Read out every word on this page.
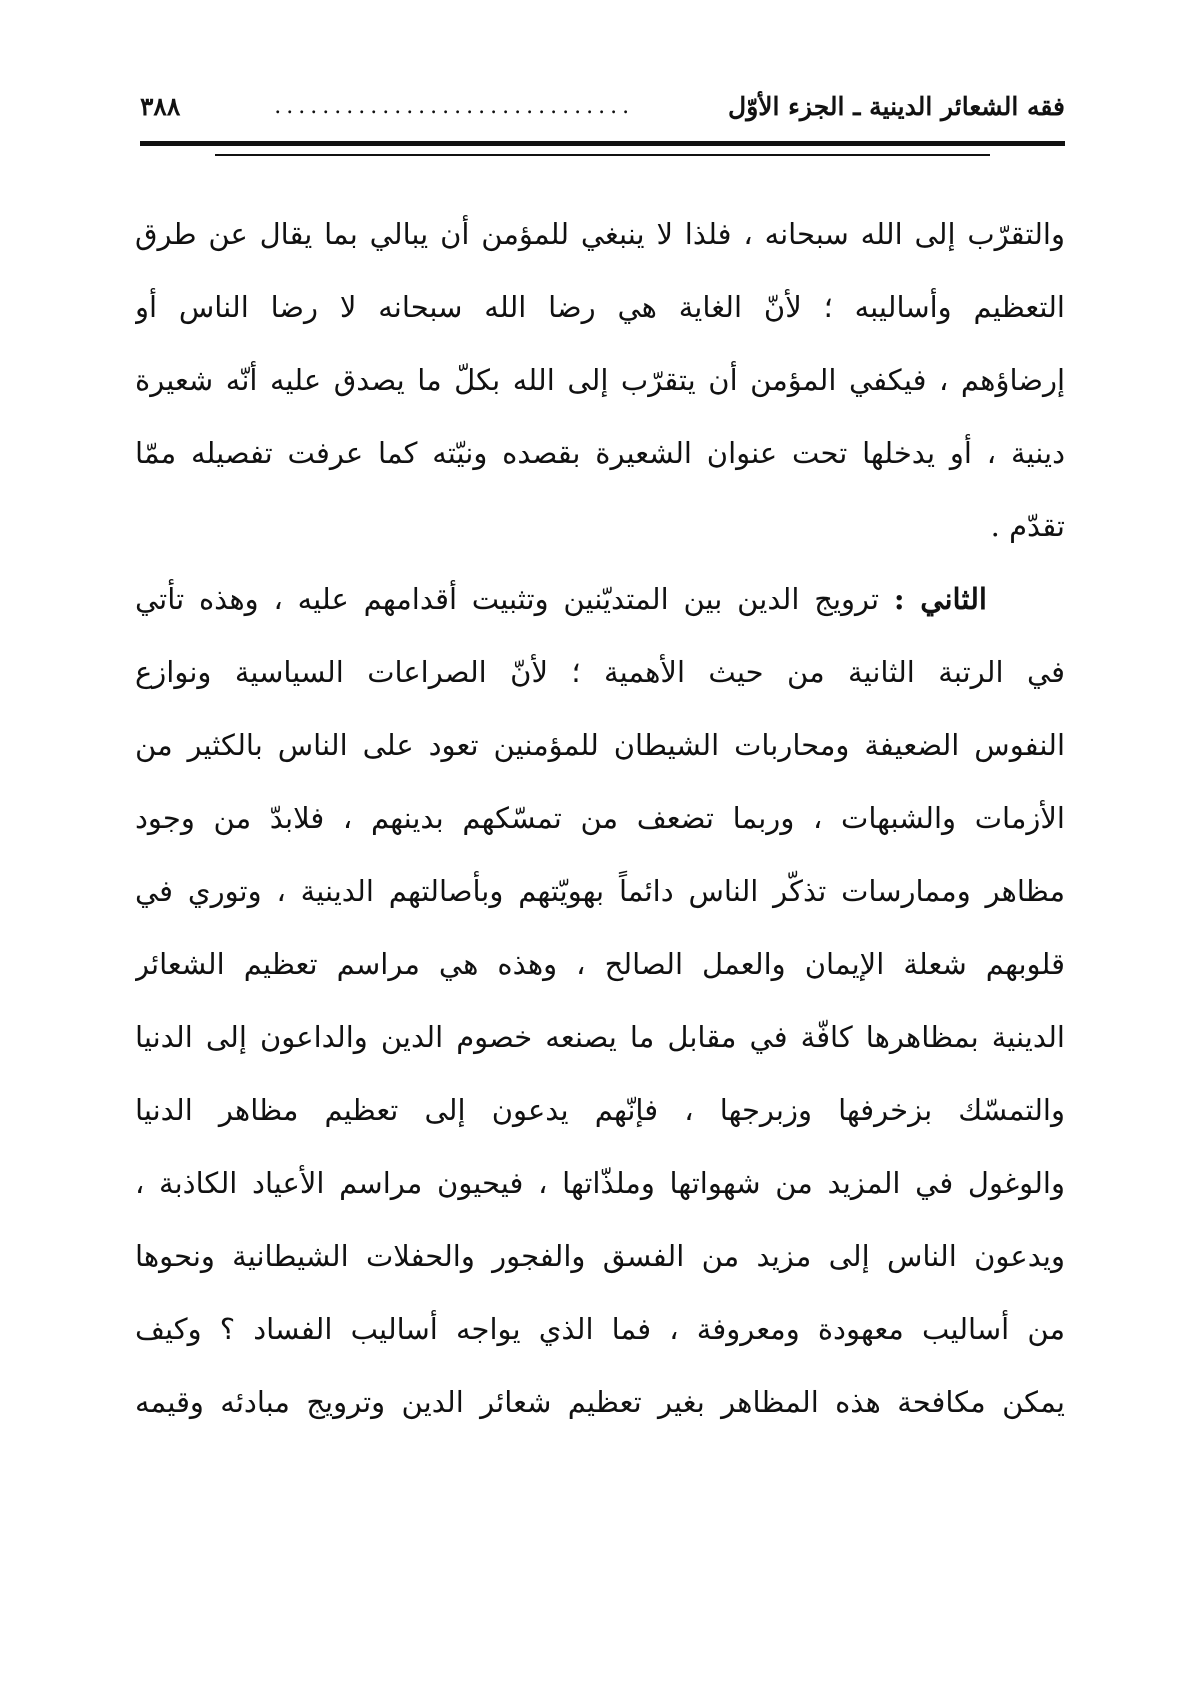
فقه الشعائر الدينية ـ الجزء الأوّل
..............................
٣٨٨
والتقرّب إلى الله سبحانه ، فلذا لا ينبغي للمؤمن أن يبالي بما يقال عن طرق
التعظيم وأساليبه ؛ لأنّ الغاية هي رضا الله سبحانه لا رضا الناس أو
إرضاؤهم ، فيكفي المؤمن أن يتقرّب إلى الله بكلّ ما يصدق عليه أنّه شعيرة
دينية ، أو يدخلها تحت عنوان الشعيرة بقصده ونيّته كما عرفت تفصيله ممّا
تقدّم .
الثاني : ترويج الدين بين المتديّنين وتثبيت أقدامهم عليه ، وهذه تأتي
في الرتبة الثانية من حيث الأهمية ؛ لأنّ الصراعات السياسية ونوازع
النفوس الضعيفة ومحاربات الشيطان للمؤمنين تعود على الناس بالكثير من
الأزمات والشبهات ، وربما تضعف من تمسّكهم بدينهم ، فلابدّ من وجود
مظاهر وممارسات تذكّر الناس دائماً بهويّتهم وبأصالتهم الدينية ، وتوري في
قلوبهم شعلة الإيمان والعمل الصالح ، وهذه هي مراسم تعظيم الشعائر
الدينية بمظاهرها كافّة في مقابل ما يصنعه خصوم الدين والداعون إلى الدنيا
والتمسّك بزخرفها وزبرجها ، فإنّهم يدعون إلى تعظيم مظاهر الدنيا
والوغول في المزيد من شهواتها وملذّاتها ، فيحيون مراسم الأعياد الكاذبة ،
ويدعون الناس إلى مزيد من الفسق والفجور والحفلات الشيطانية ونحوها
من أساليب معهودة ومعروفة ، فما الذي يواجه أساليب الفساد ؟ وكيف
يمكن مكافحة هذه المظاهر بغير تعظيم شعائر الدين وترويج مبادئه وقيمه
